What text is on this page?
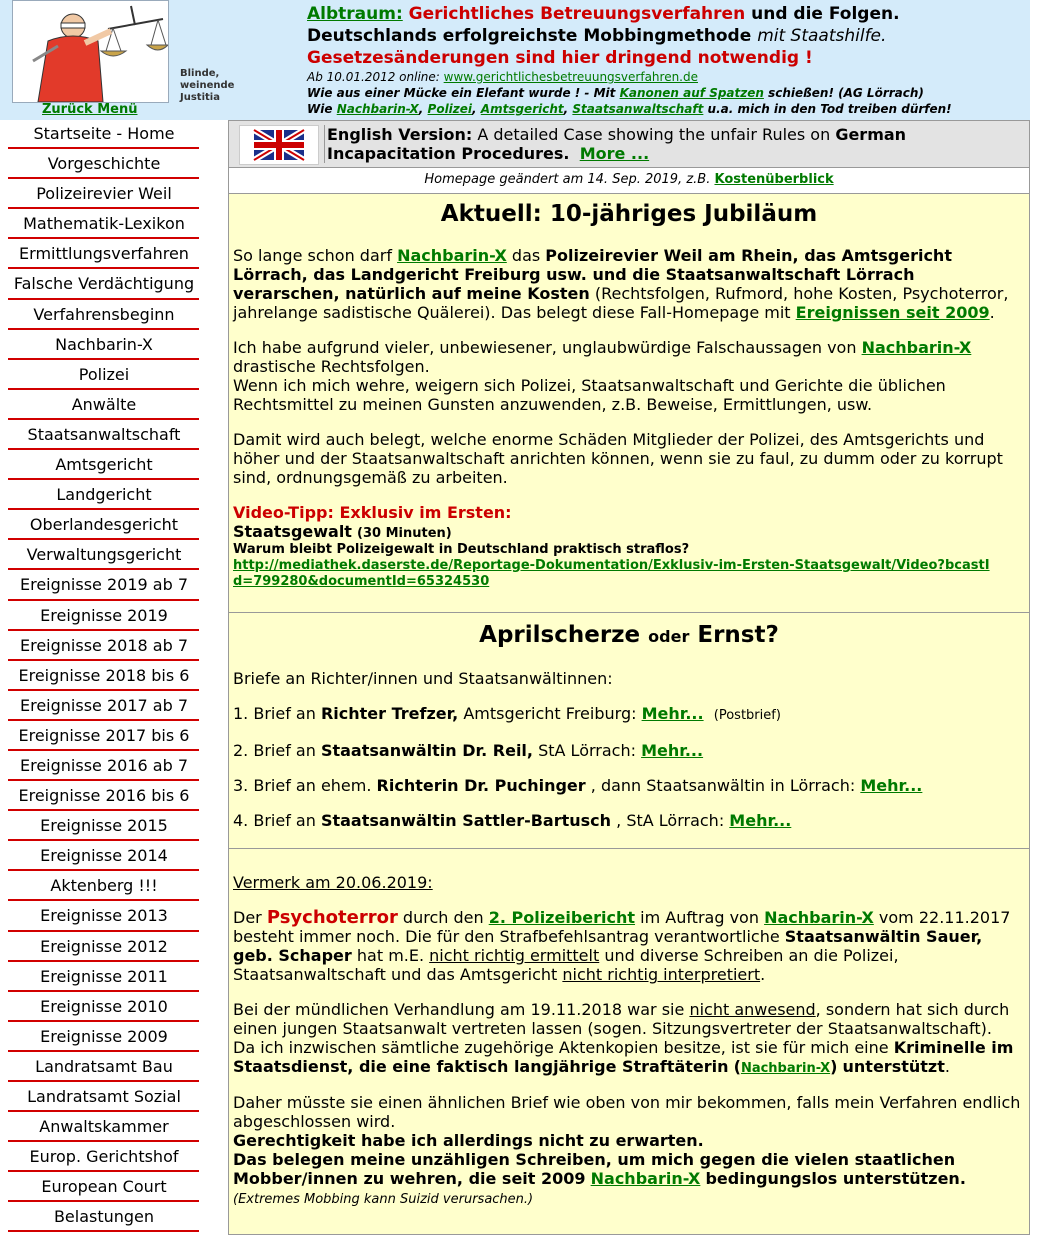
Blinde,
weinende
Justitia
Zurück Menü
Albtraum: Gerichtliches Betreuungsverfahren und die Folgen.
Deutschlands erfolgreichste Mobbingmethode mit Staatshilfe.
Gesetzesänderungen sind hier dringend notwendig !
Ab 10.01.2012 online: www.gerichtlichesbetreuungsverfahren.de
Wie aus einer Mücke ein Elefant wurde ! - Mit Kanonen auf Spatzen schießen! (AG Lörrach)
Wie Nachbarin-X, Polizei, Amtsgericht, Staatsanwaltschaft u.a. mich in den Tod treiben dürfen!
Startseite - Home
Vorgeschichte
Polizeirevier Weil
Mathematik-Lexikon
Ermittlungsverfahren
Falsche Verdächtigung
Verfahrensbeginn
Nachbarin-X
Polizei
Anwälte
Staatsanwaltschaft
Amtsgericht
Landgericht
Oberlandesgericht
Verwaltungsgericht
Ereignisse 2019 ab 7
Ereignisse 2019
Ereignisse 2018 ab 7
Ereignisse 2018 bis 6
Ereignisse 2017 ab 7
Ereignisse 2017 bis 6
Ereignisse 2016 ab 7
Ereignisse 2016 bis 6
Ereignisse 2015
Ereignisse 2014
Aktenberg !!!
Ereignisse 2013
Ereignisse 2012
Ereignisse 2011
Ereignisse 2010
Ereignisse 2009
Landratsamt Bau
Landratsamt Sozial
Anwaltskammer
Europ. Gerichtshof
European Court
Belastungen
English Version: A detailed Case showing the unfair Rules on German Incapacitation Procedures. More ...
Homepage geändert am 14. Sep. 2019, z.B. Kostenüberblick
Aktuell: 10-jähriges Jubiläum

So lange schon darf Nachbarin-X das Polizeirevier Weil am Rhein, das Amtsgericht Lörrach, das Landgericht Freiburg usw. und die Staatsanwaltschaft Lörrach verarschen, natürlich auf meine Kosten (Rechtsfolgen, Rufmord, hohe Kosten, Psychoterror, jahrelange sadistische Quälerei). Das belegt diese Fall-Homepage mit Ereignissen seit 2009.

Ich habe aufgrund vieler, unbewiesener, unglaubwürdige Falschaussagen von Nachbarin-X
drastische Rechtsfolgen.
Wenn ich mich wehre, weigern sich Polizei, Staatsanwaltschaft und Gerichte die üblichen Rechtsmittel zu meinen Gunsten anzuwenden, z.B. Beweise, Ermittlungen, usw.

Damit wird auch belegt, welche enorme Schäden Mitglieder der Polizei, des Amtsgerichts und höher und der Staatsanwaltschaft anrichten können, wenn sie zu faul, zu dumm oder zu korrupt sind, ordnungsgemäß zu arbeiten.

Video-Tipp: Exklusiv im Ersten:
Staatsgewalt (30 Minuten)
Warum bleibt Polizeigewalt in Deutschland praktisch straflos?
http://mediathek.daserste.de/Reportage-Dokumentation/Exklusiv-im-Ersten-Staatsgewalt/Video?bcastId=799280&documentId=65324530
Aprilscherze oder Ernst?

Briefe an Richter/innen und Staatsanwältinnen:

1. Brief an Richter Trefzer, Amtsgericht Freiburg: Mehr... (Postbrief)

2. Brief an Staatsanwältin Dr. Reil, StA Lörrach: Mehr...

3. Brief an ehem. Richterin Dr. Puchinger , dann Staatsanwältin in Lörrach: Mehr...

4. Brief an Staatsanwältin Sattler-Bartusch , StA Lörrach: Mehr...

Vermerk am 20.06.2019:

Der Psychoterror durch den 2. Polizeibericht im Auftrag von Nachbarin-X vom 22.11.2017 besteht immer noch. Die für den Strafbefehlsantrag verantwortliche Staatsanwältin Sauer, geb. Schaper hat m.E. nicht richtig ermittelt und diverse Schreiben an die Polizei, Staatsanwaltschaft und das Amtsgericht nicht richtig interpretiert.

Bei der mündlichen Verhandlung am 19.11.2018 war sie nicht anwesend, sondern hat sich durch einen jungen Staatsanwalt vertreten lassen (sogen. Sitzungsvertreter der Staatsanwaltschaft).
Da ich inzwischen sämtliche zugehörige Aktenkopien besitze, ist sie für mich eine Kriminelle im Staatsdienst, die eine faktisch langjährige Straftäterin (Nachbarin-X) unterstützt.

Daher müsste sie einen ähnlichen Brief wie oben von mir bekommen, falls mein Verfahren endlich abgeschlossen wird.
Gerechtigkeit habe ich allerdings nicht zu erwarten.
Das belegen meine unzähligen Schreiben, um mich gegen die vielen staatlichen Mobber/innen zu wehren, die seit 2009 Nachbarin-X bedingungslos unterstützen.
(Extremes Mobbing kann Suizid verursachen.)
